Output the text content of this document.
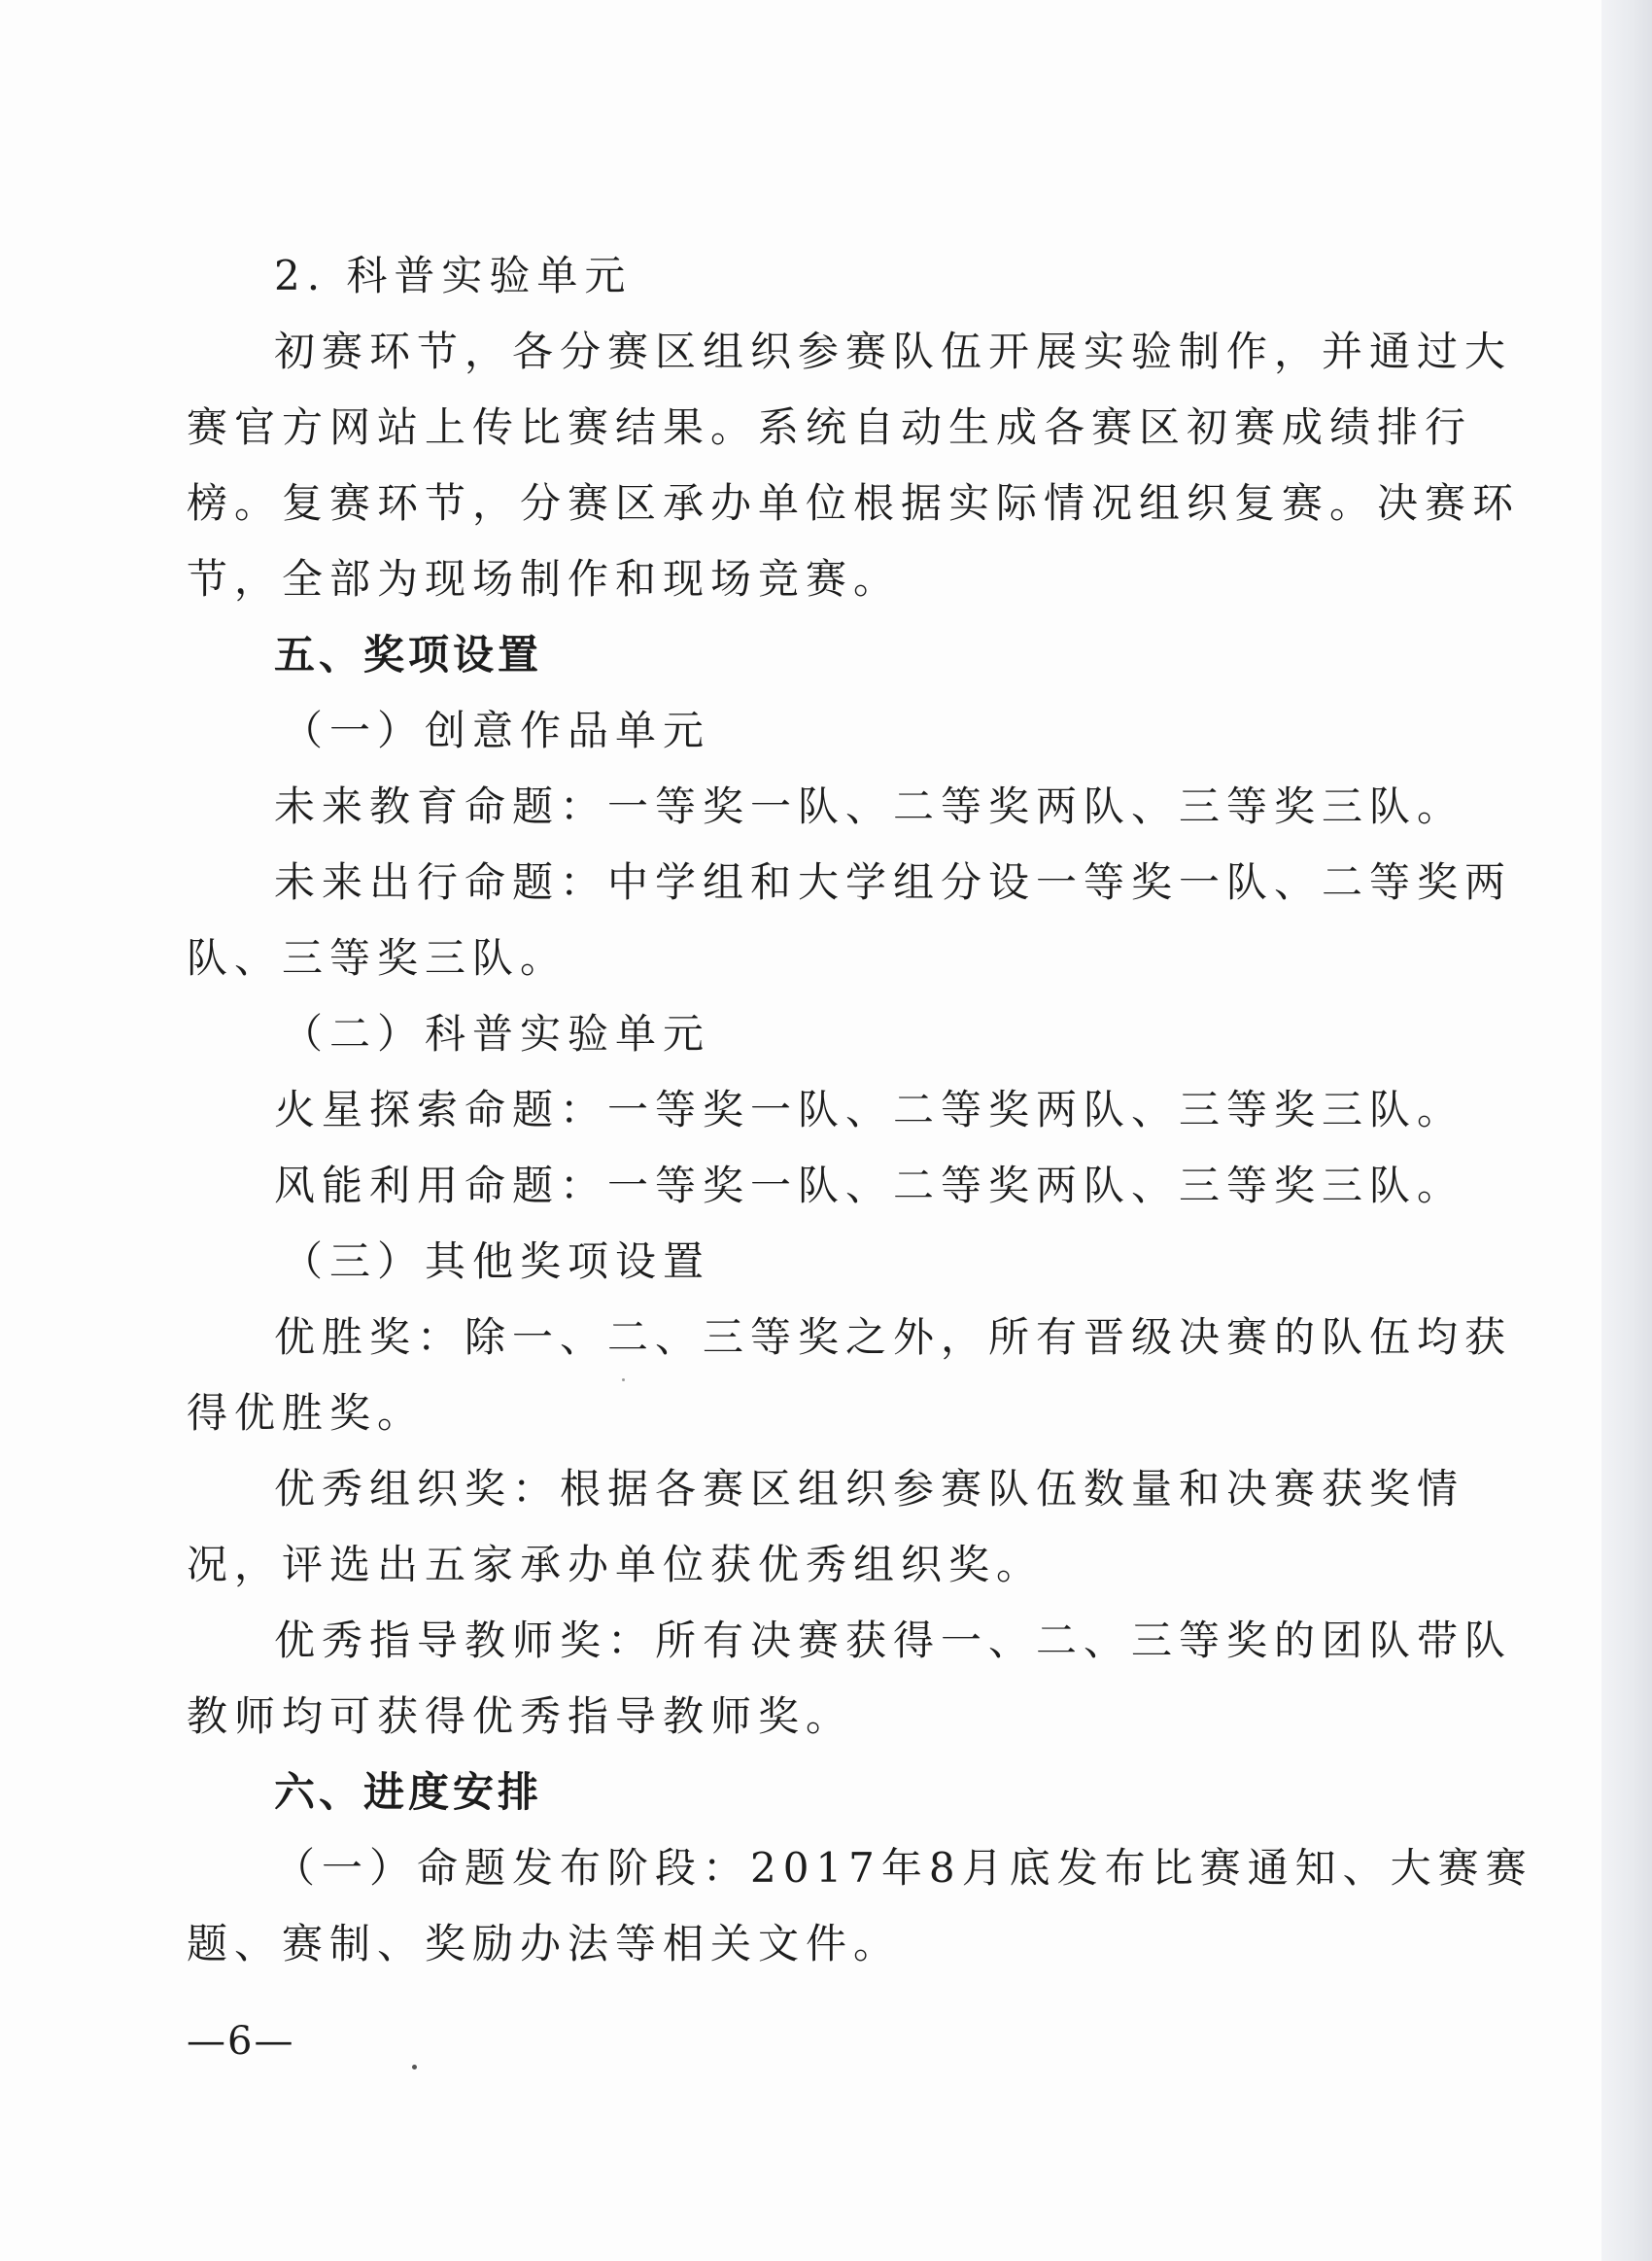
2. 科普实验单元
初赛环节，各分赛区组织参赛队伍开展实验制作，并通过大
赛官方网站上传比赛结果。系统自动生成各赛区初赛成绩排行
榜。复赛环节，分赛区承办单位根据实际情况组织复赛。决赛环
节，全部为现场制作和现场竞赛。
五、奖项设置
（一）创意作品单元
未来教育命题：一等奖一队、二等奖两队、三等奖三队。
未来出行命题：中学组和大学组分设一等奖一队、二等奖两
队、三等奖三队。
（二）科普实验单元
火星探索命题：一等奖一队、二等奖两队、三等奖三队。
风能利用命题：一等奖一队、二等奖两队、三等奖三队。
（三）其他奖项设置
优胜奖：除一、二、三等奖之外，所有晋级决赛的队伍均获
得优胜奖。
优秀组织奖：根据各赛区组织参赛队伍数量和决赛获奖情
况，评选出五家承办单位获优秀组织奖。
优秀指导教师奖：所有决赛获得一、二、三等奖的团队带队
教师均可获得优秀指导教师奖。
六、进度安排
（一）命题发布阶段：2017年8月底发布比赛通知、大赛赛
题、赛制、奖励办法等相关文件。
—6—
